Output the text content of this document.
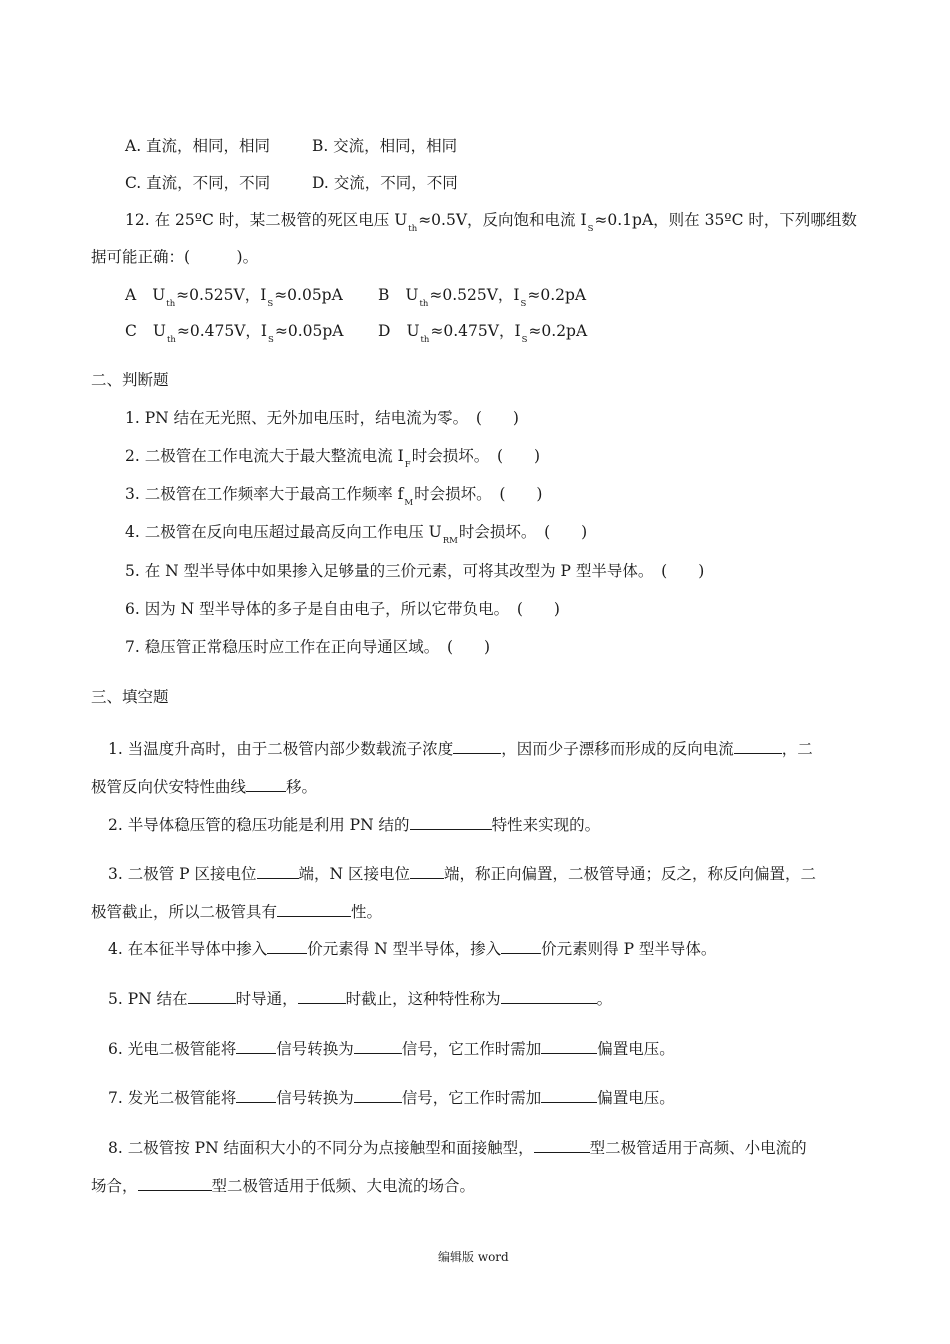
A. 直流，相同，相同	B. 交流，相同，相同
C. 直流，不同，不同	D. 交流，不同，不同
12. 在 25ºC 时，某二极管的死区电压 $U_{th}\approx 0.5V$，反向饱和电流 $I_S\approx 0.1pA$，则在 35ºC 时，下列哪组数
据可能正确：(　　　)。
A $U_{th}\approx 0.525V$，$I_S\approx 0.05pA$ B $U_{th}\approx 0.525V$，$I_S\approx 0.2pA$
C $U_{th}\approx 0.475V$，$I_S\approx 0.05pA$ D $U_{th}\approx 0.475V$，$I_S\approx 0.2pA$
二、判断题
1. PN 结在无光照、无外加电压时，结电流为零。　(　　)
2. 二极管在工作电流大于最大整流电流 $I_F$时会损坏。　(　　)
3. 二极管在工作频率大于最高工作频率 $f_M$时会损坏。　(　　)
4. 二极管在反向电压超过最高反向工作电压 $U_{RM}$时会损坏。　(　　)
5. 在 N 型半导体中如果掺入足够量的三价元素，可将其改型为 P 型半导体。　(　　)
6. 因为 N 型半导体的多子是自由电子，所以它带负电。　(　　)
7. 稳压管正常稳压时应工作在正向导通区域。　(　　)
三、填空题
1. 当温度升高时，由于二极管内部少数载流子浓度	，因而少子漂移而形成的反向电流	，二
极管反向伏安特性曲线	移。
2. 半导体稳压管的稳压功能是利用 PN 结的	特性来实现的。
3. 二极管 P 区接电位	端，N 区接电位 端，称正向偏置，二极管导通；反之，称反向偏置，二
极管截止，所以二极管具有	性。
4. 在本征半导体中掺入	价元素得 N 型半导体，掺入	价元素则得 P 型半导体。
5. PN 结在	时导通，	时截止，这种特性称为	。
6. 光电二极管能将	信号转换为	信号，它工作时需加	偏置电压。
7. 发光二极管能将	信号转换为	信号，它工作时需加	偏置电压。
8. 二极管按 PN 结面积大小的不同分为点接触型和面接触型，	型二极管适用于高频、小电流的
场合，	型二极管适用于低频、大电流的场合。
编辑版 word
